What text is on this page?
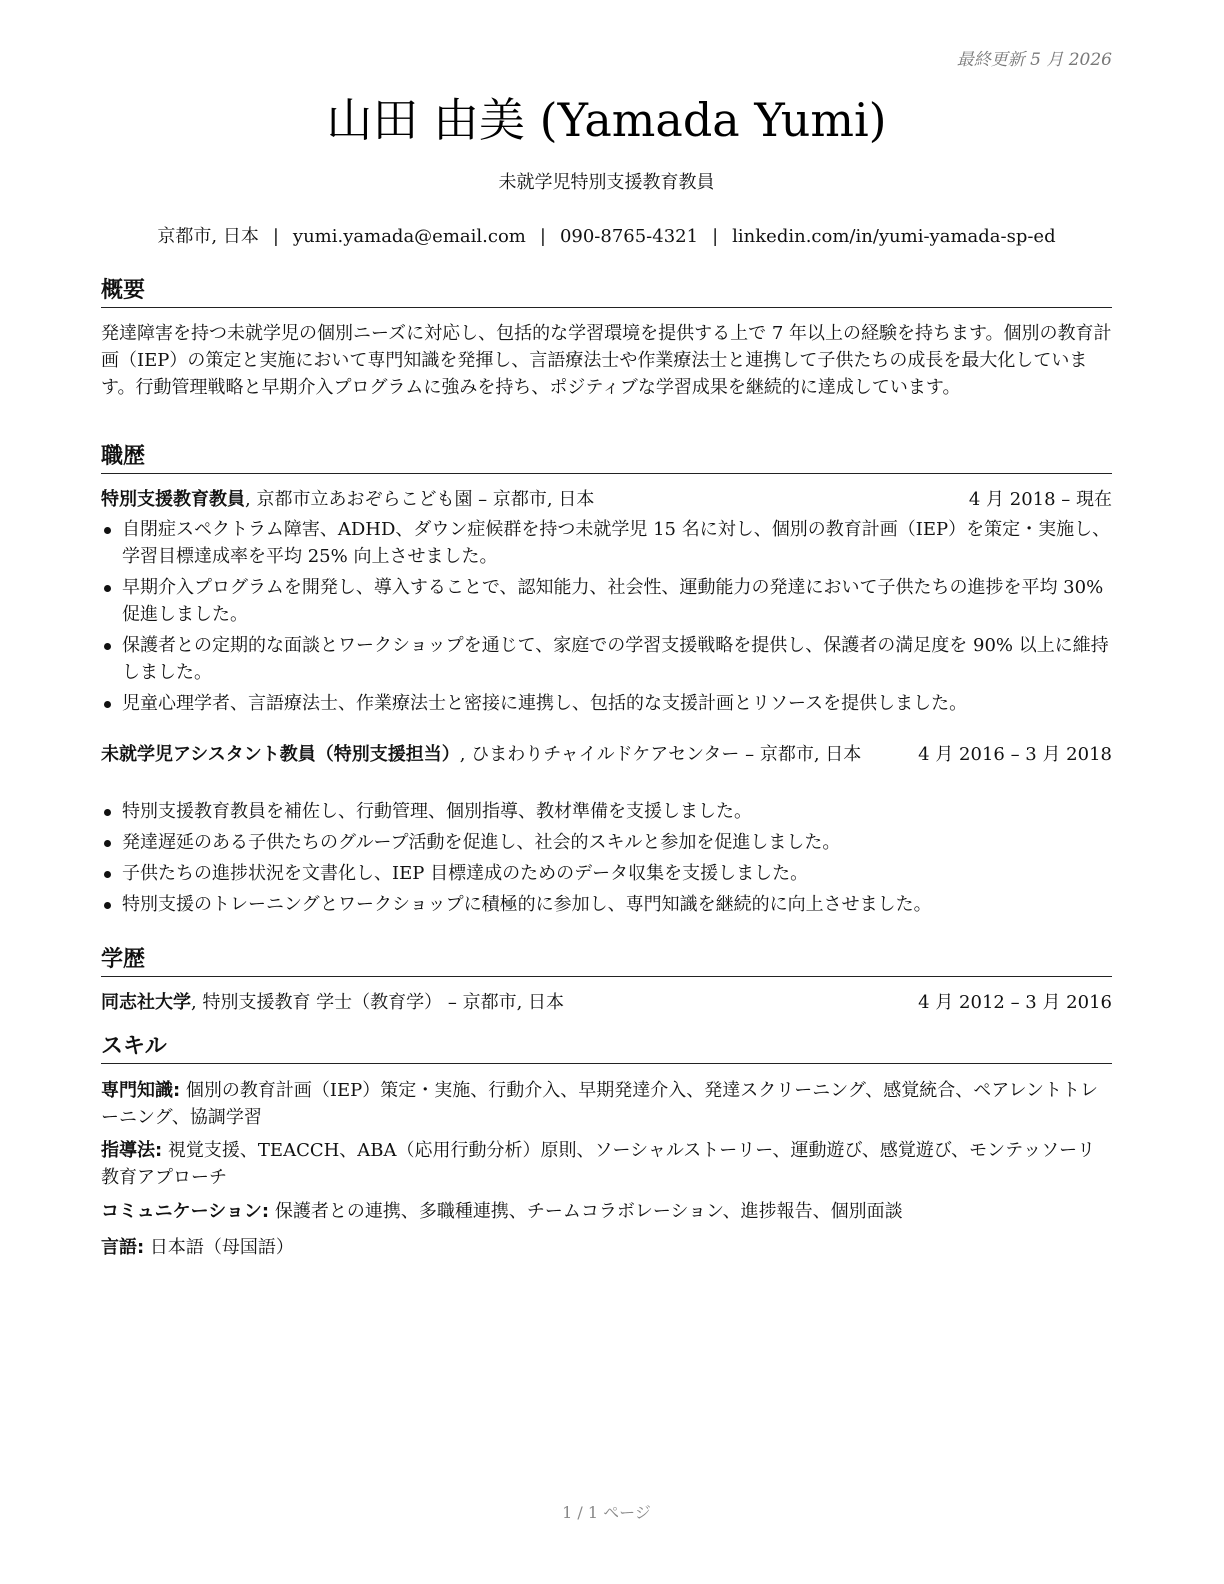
最終更新 5 月 2026
山田 由美 (Yamada Yumi)
未就学児特別支援教育教員
京都市, 日本 | yumi.yamada@email.com | 090-8765-4321 | linkedin.com/in/yumi-yamada-sp-ed
概要

発達障害を持つ未就学児の個別ニーズに対応し、包括的な学習環境を提供する上で 7 年以上の経験を持ちます。個別の教育計画（IEP）の策定と実施において専門知識を発揮し、言語療法士や作業療法士と連携して子供たちの成長を最大化しています。行動管理戦略と早期介入プログラムに強みを持ち、ポジティブな学習成果を継続的に達成しています。

職歴
特別支援教育教員, 京都市立あおぞらこども園 – 京都市, 日本	4 月 2018 – 現在
自閉症スペクトラム障害、ADHD、ダウン症候群を持つ未就学児 15 名に対し、個別の教育計画（IEP）を策定・実施し、学習目標達成率を平均 25% 向上させました。
早期介入プログラムを開発し、導入することで、認知能力、社会性、運動能力の発達において子供たちの進捗を平均 30% 促進しました。
保護者との定期的な面談とワークショップを通じて、家庭での学習支援戦略を提供し、保護者の満足度を 90% 以上に維持しました。
児童心理学者、言語療法士、作業療法士と密接に連携し、包括的な支援計画とリソースを提供しました。
未就学児アシスタント教員（特別支援担当）, ひまわりチャイルドケアセンター – 京都市, 日本	4 月 2016 – 3 月 2018
特別支援教育教員を補佐し、行動管理、個別指導、教材準備を支援しました。
発達遅延のある子供たちのグループ活動を促進し、社会的スキルと参加を促進しました。
子供たちの進捗状況を文書化し、IEP 目標達成のためのデータ収集を支援しました。
特別支援のトレーニングとワークショップに積極的に参加し、専門知識を継続的に向上させました。
学歴
同志社大学, 特別支援教育 学士（教育学） – 京都市, 日本	4 月 2012 – 3 月 2016
スキル

専門知識: 個別の教育計画（IEP）策定・実施、行動介入、早期発達介入、発達スクリーニング、感覚統合、ペアレントトレーニング、協調学習

指導法: 視覚支援、TEACCH、ABA（応用行動分析）原則、ソーシャルストーリー、運動遊び、感覚遊び、モンテッソーリ教育アプローチ

コミュニケーション: 保護者との連携、多職種連携、チームコラボレーション、進捗報告、個別面談

言語: 日本語（母国語）

1 / 1 ページ
